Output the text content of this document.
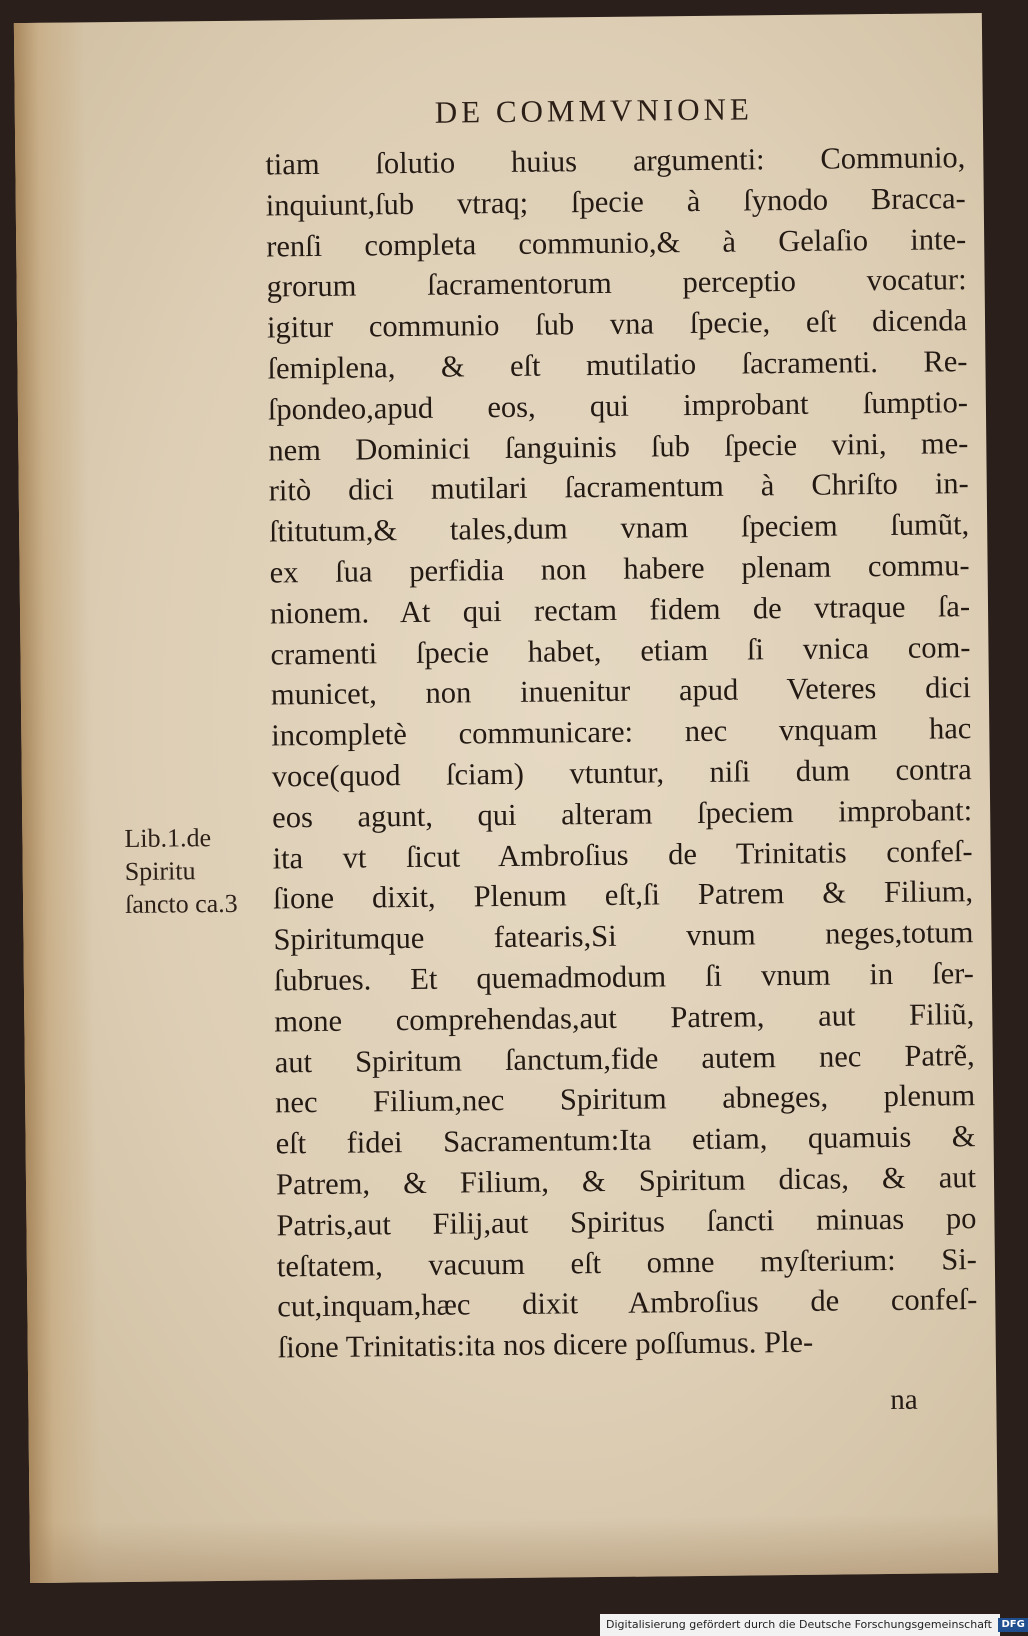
DE COMMVNIONE
tiam ſolutio huius argumenti: Communio,
inquiunt,ſub vtraq; ſpecie à ſynodo Bracca-
renſi completa communio,& à Gelaſio inte-
grorum ſacramentorum perceptio vocatur:
igitur communio ſub vna ſpecie, eſt dicenda
ſemiplena, & eſt mutilatio ſacramenti. Re-
ſpondeo,apud eos, qui improbant ſumptio-
nem Dominici ſanguinis ſub ſpecie vini, me-
ritò dici mutilari ſacramentum à Chriſto in-
ſtitutum,& tales,dum vnam ſpeciem ſumũt,
ex ſua perfidia non habere plenam commu-
nionem. At qui rectam fidem de vtraque ſa-
cramenti ſpecie habet, etiam ſi vnica com-
municet, non inuenitur apud Veteres dici
incompletè communicare: nec vnquam hac
voce(quod ſciam) vtuntur, niſi dum contra
eos agunt, qui alteram ſpeciem improbant:
ita vt ſicut Ambroſius de Trinitatis confeſ-
ſione dixit, Plenum eſt,ſi Patrem & Filium,
Spiritumque fatearis,Si vnum neges,totum
ſubrues. Et quemadmodum ſi vnum in ſer-
mone comprehendas,aut Patrem, aut Filiũ,
aut Spiritum ſanctum,fide autem nec Patrẽ,
nec Filium,nec Spiritum abneges, plenum
eſt fidei Sacramentum:Ita etiam, quamuis &
Patrem, & Filium, & Spiritum dicas, & aut
Patris,aut Filij,aut Spiritus ſancti minuas po
teſtatem, vacuum eſt omne myſterium: Si-
cut,inquam,hæc dixit Ambroſius de confeſ-
ſione Trinitatis:ita nos dicere poſſumus. Ple-
Lib.1.de
Spiritu
ſancto ca.3
na
Digitalisierung gefördert durch die Deutsche Forschungsgemeinschaft DFG
